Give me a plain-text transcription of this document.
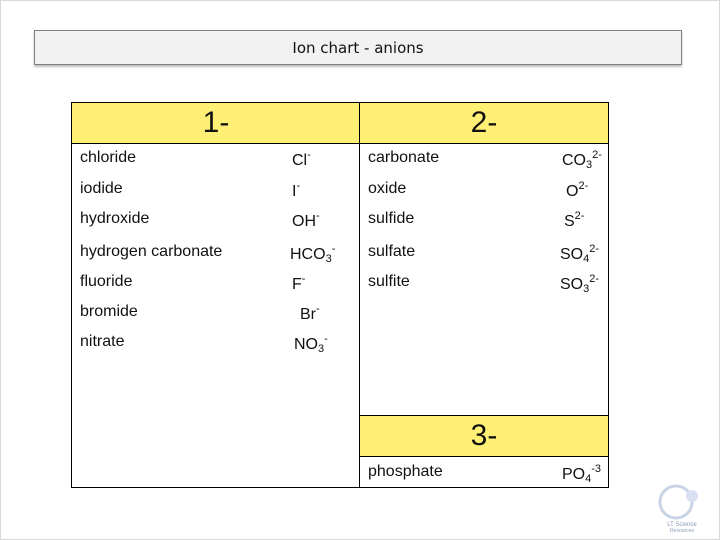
Ion chart - anions
1-
chloride	Cl-
iodide	I-
hydroxide	OH-
hydrogen carbonate	$HCO_3^-$
fluoride	F-
bromide	Br-
nitrate	$NO_3^-$
2-
carbonate	$CO_3^{2-}$
oxide	$O^{2-}$
sulfide	$S^{2-}$
sulfate	$SO_4^{2-}$
sulfite	$SO_3^{2-}$
3-
phosphate	$PO_4^{-3}$
LT Science
Resources
